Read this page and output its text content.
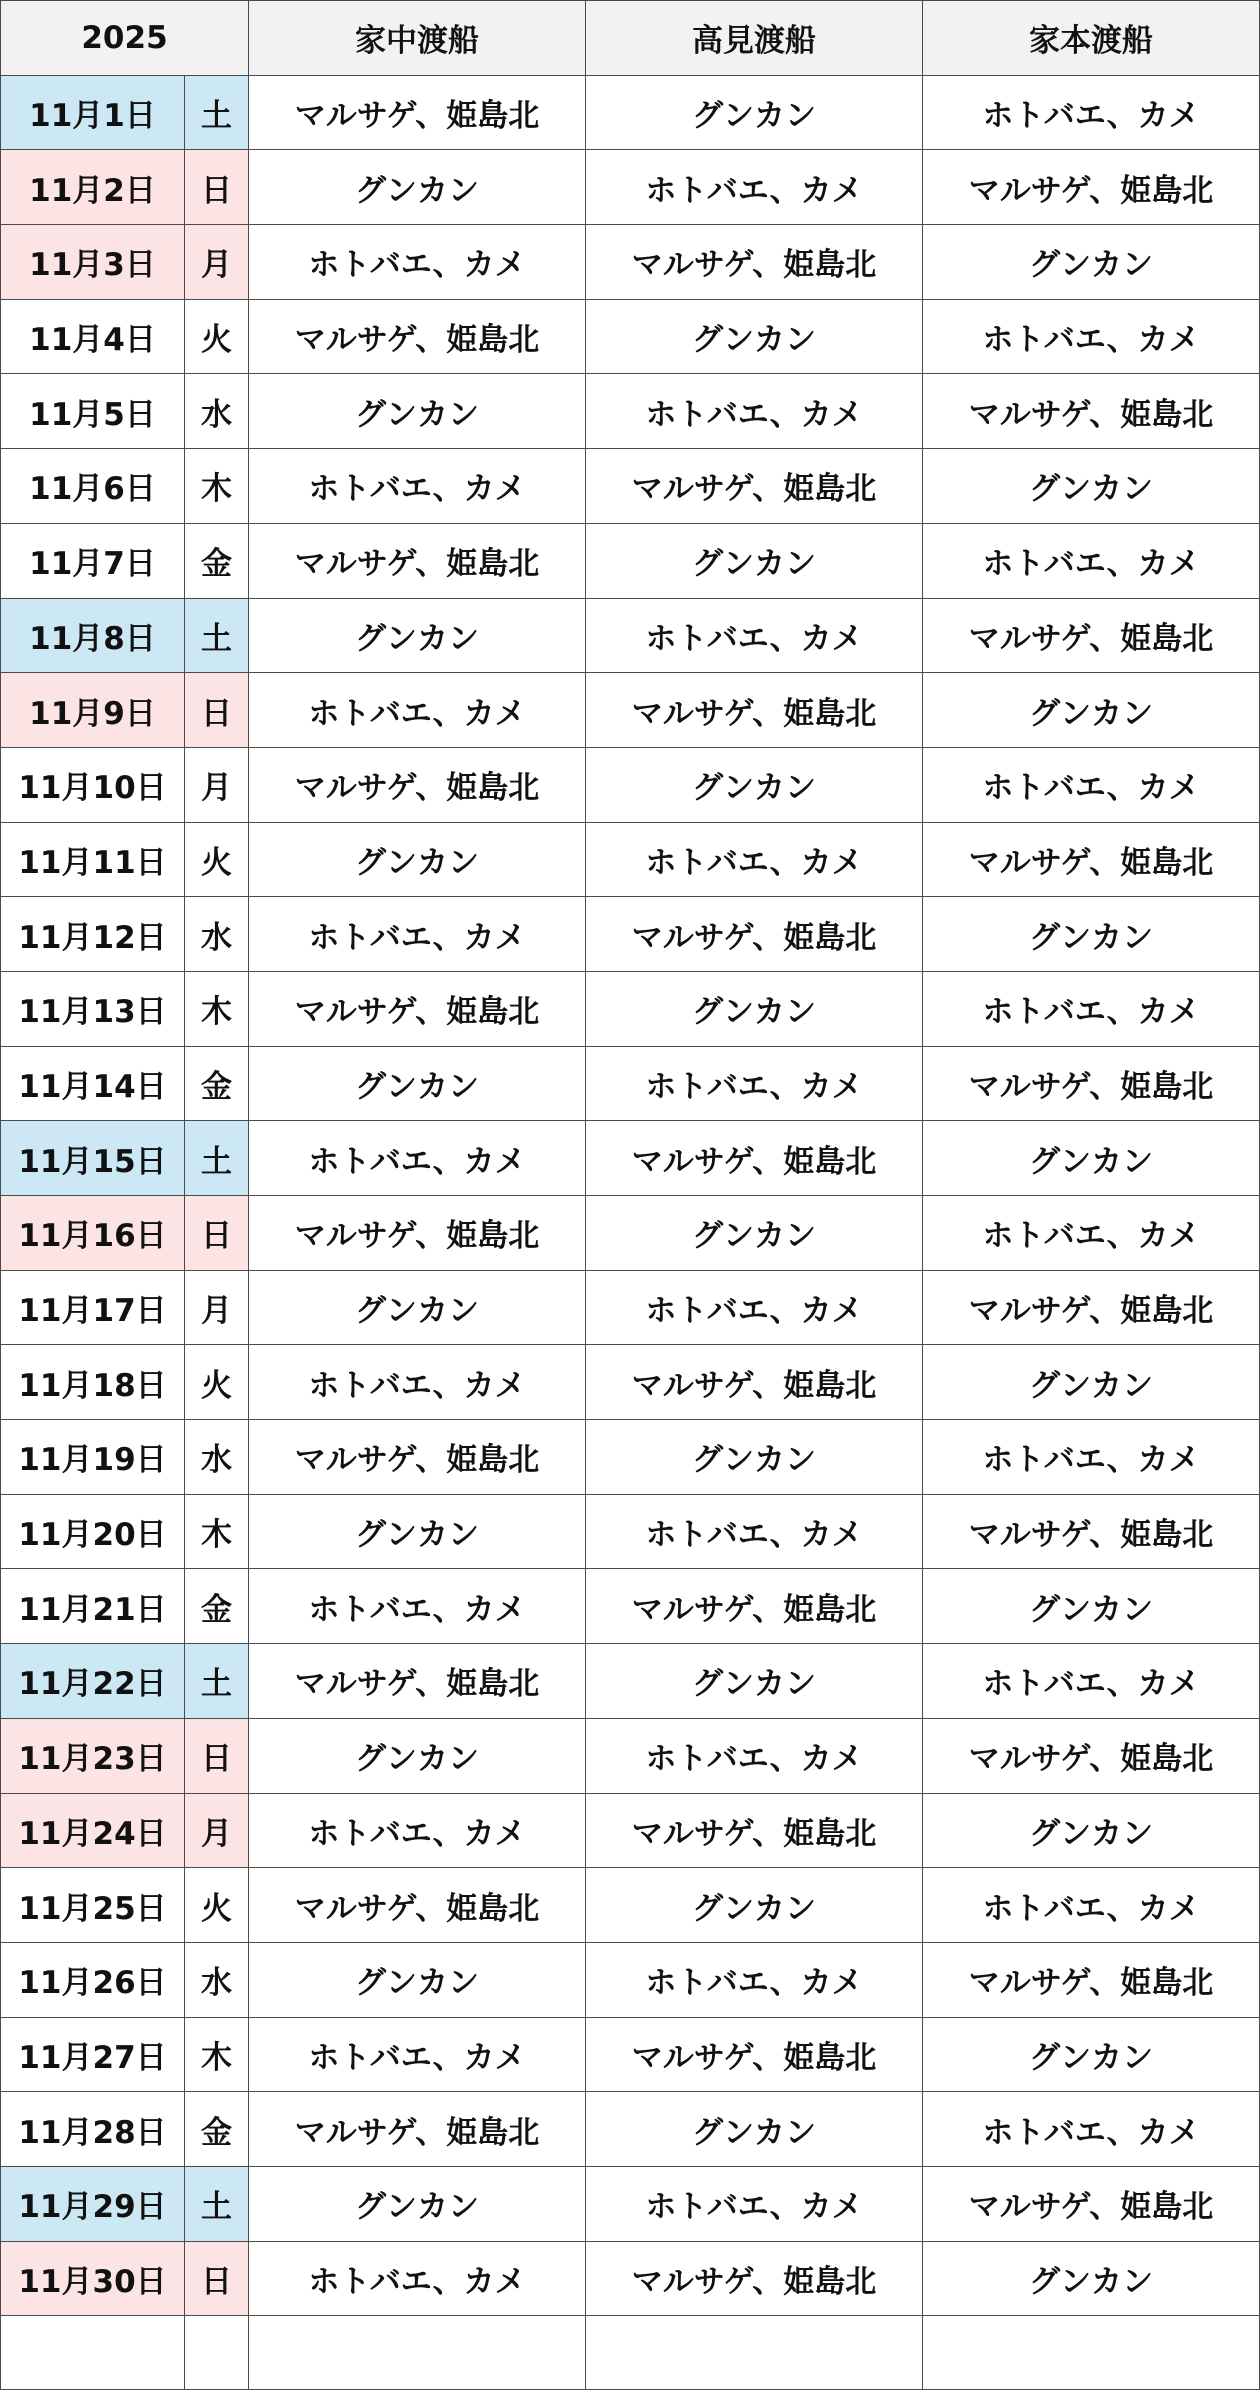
2025		家中渡船	高見渡船	家本渡船
11月1日	土	マルサゲ、姫島北	グンカン	ホトバエ、カメ
11月2日	日	グンカン	ホトバエ、カメ	マルサゲ、姫島北
11月3日	月	ホトバエ、カメ	マルサゲ、姫島北	グンカン
11月4日	火	マルサゲ、姫島北	グンカン	ホトバエ、カメ
11月5日	水	グンカン	ホトバエ、カメ	マルサゲ、姫島北
11月6日	木	ホトバエ、カメ	マルサゲ、姫島北	グンカン
11月7日	金	マルサゲ、姫島北	グンカン	ホトバエ、カメ
11月8日	土	グンカン	ホトバエ、カメ	マルサゲ、姫島北
11月9日	日	ホトバエ、カメ	マルサゲ、姫島北	グンカン
11月10日	月	マルサゲ、姫島北	グンカン	ホトバエ、カメ
11月11日	火	グンカン	ホトバエ、カメ	マルサゲ、姫島北
11月12日	水	ホトバエ、カメ	マルサゲ、姫島北	グンカン
11月13日	木	マルサゲ、姫島北	グンカン	ホトバエ、カメ
11月14日	金	グンカン	ホトバエ、カメ	マルサゲ、姫島北
11月15日	土	ホトバエ、カメ	マルサゲ、姫島北	グンカン
11月16日	日	マルサゲ、姫島北	グンカン	ホトバエ、カメ
11月17日	月	グンカン	ホトバエ、カメ	マルサゲ、姫島北
11月18日	火	ホトバエ、カメ	マルサゲ、姫島北	グンカン
11月19日	水	マルサゲ、姫島北	グンカン	ホトバエ、カメ
11月20日	木	グンカン	ホトバエ、カメ	マルサゲ、姫島北
11月21日	金	ホトバエ、カメ	マルサゲ、姫島北	グンカン
11月22日	土	マルサゲ、姫島北	グンカン	ホトバエ、カメ
11月23日	日	グンカン	ホトバエ、カメ	マルサゲ、姫島北
11月24日	月	ホトバエ、カメ	マルサゲ、姫島北	グンカン
11月25日	火	マルサゲ、姫島北	グンカン	ホトバエ、カメ
11月26日	水	グンカン	ホトバエ、カメ	マルサゲ、姫島北
11月27日	木	ホトバエ、カメ	マルサゲ、姫島北	グンカン
11月28日	金	マルサゲ、姫島北	グンカン	ホトバエ、カメ
11月29日	土	グンカン	ホトバエ、カメ	マルサゲ、姫島北
11月30日	日	ホトバエ、カメ	マルサゲ、姫島北	グンカン
